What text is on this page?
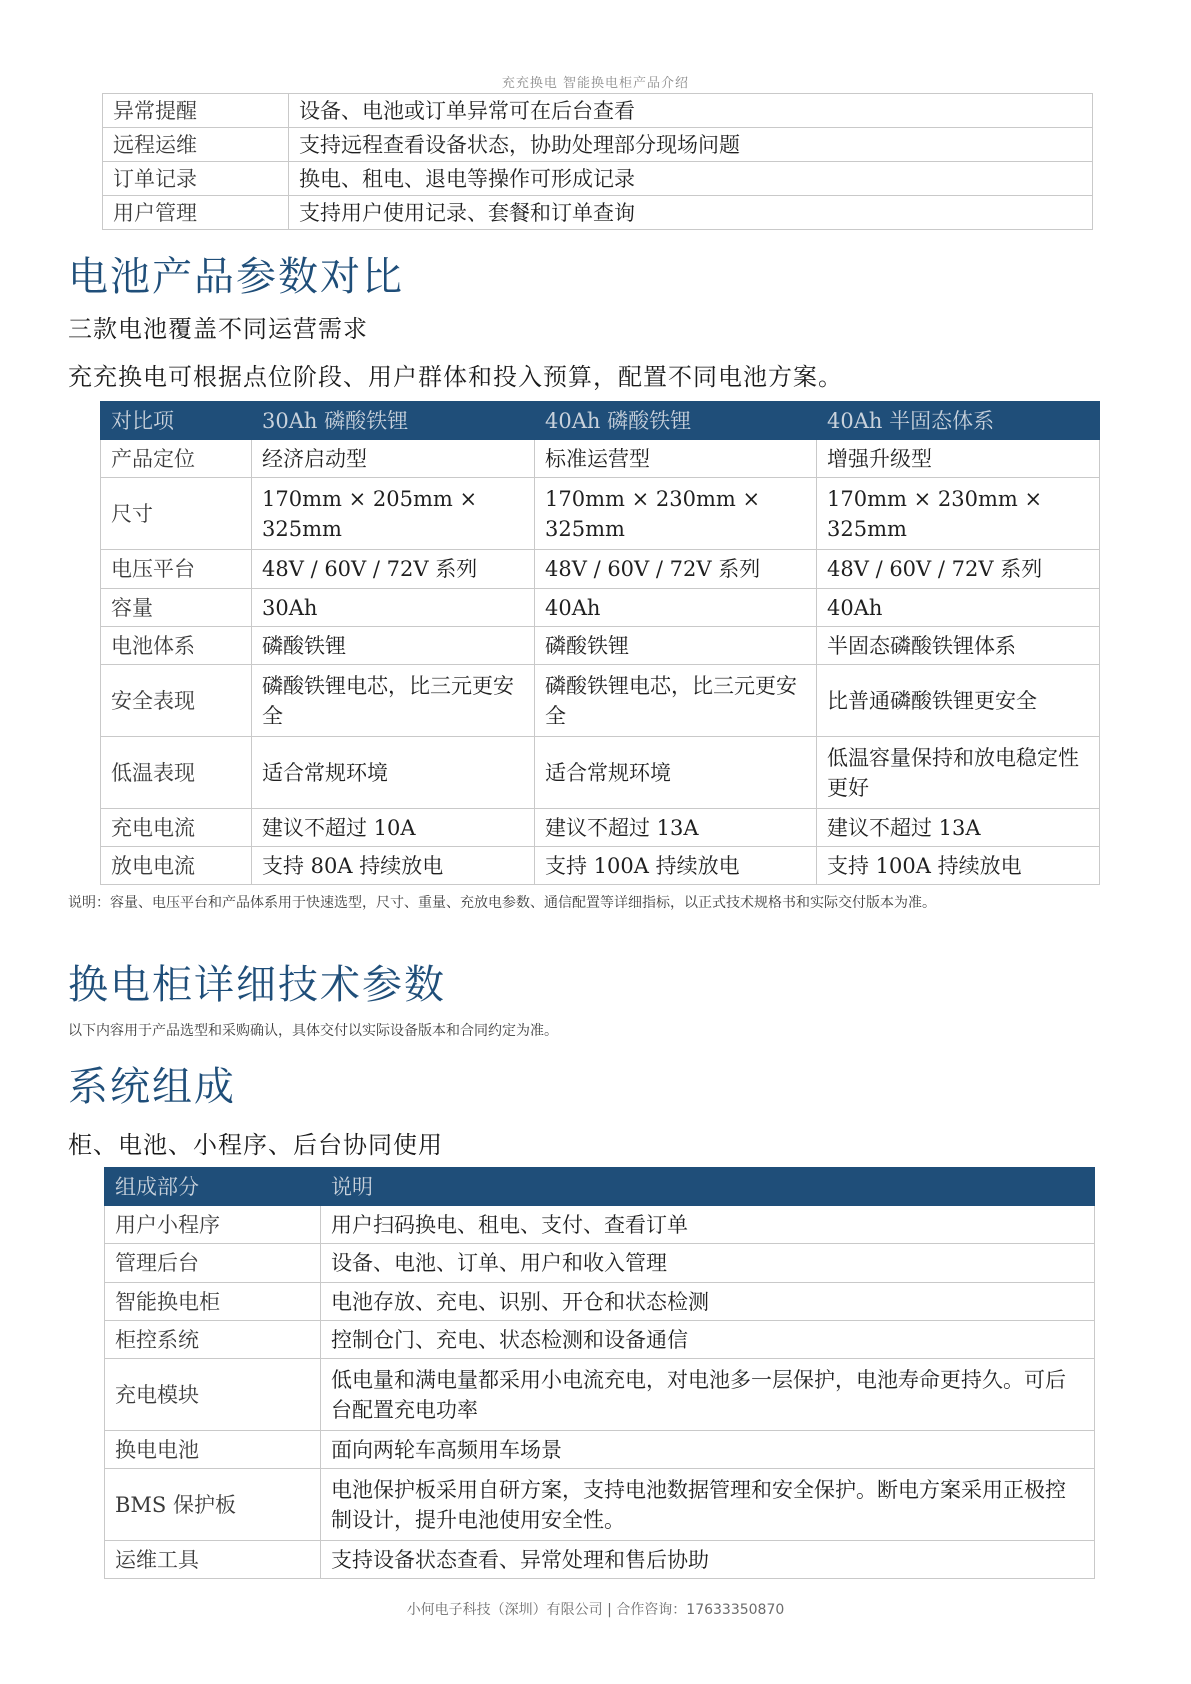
充充换电 智能换电柜产品介绍
异常提醒	设备、电池或订单异常可在后台查看
远程运维	支持远程查看设备状态，协助处理部分现场问题
订单记录	换电、租电、退电等操作可形成记录
用户管理	支持用户使用记录、套餐和订单查询
电池产品参数对比
三款电池覆盖不同运营需求
充充换电可根据点位阶段、用户群体和投入预算，配置不同电池方案。
对比项	30Ah 磷酸铁锂	40Ah 磷酸铁锂	40Ah 半固态体系
产品定位	经济启动型	标准运营型	增强升级型
尺寸	170mm × 205mm × 325mm	170mm × 230mm × 325mm	170mm × 230mm × 325mm
电压平台	48V / 60V / 72V 系列	48V / 60V / 72V 系列	48V / 60V / 72V 系列
容量	30Ah	40Ah	40Ah
电池体系	磷酸铁锂	磷酸铁锂	半固态磷酸铁锂体系
安全表现	磷酸铁锂电芯，比三元更安全	磷酸铁锂电芯，比三元更安全	比普通磷酸铁锂更安全
低温表现	适合常规环境	适合常规环境	低温容量保持和放电稳定性更好
充电电流	建议不超过 10A	建议不超过 13A	建议不超过 13A
放电电流	支持 80A 持续放电	支持 100A 持续放电	支持 100A 持续放电
说明：容量、电压平台和产品体系用于快速选型，尺寸、重量、充放电参数、通信配置等详细指标，以正式技术规格书和实际交付版本为准。
换电柜详细技术参数
以下内容用于产品选型和采购确认，具体交付以实际设备版本和合同约定为准。
系统组成
柜、电池、小程序、后台协同使用
组成部分	说明
用户小程序	用户扫码换电、租电、支付、查看订单
管理后台	设备、电池、订单、用户和收入管理
智能换电柜	电池存放、充电、识别、开仓和状态检测
柜控系统	控制仓门、充电、状态检测和设备通信
充电模块	低电量和满电量都采用小电流充电，对电池多一层保护，电池寿命更持久。可后台配置充电功率
换电电池	面向两轮车高频用车场景
BMS 保护板	电池保护板采用自研方案，支持电池数据管理和安全保护。断电方案采用正极控制设计，提升电池使用安全性。
运维工具	支持设备状态查看、异常处理和售后协助
小何电子科技（深圳）有限公司 | 合作咨询：17633350870
